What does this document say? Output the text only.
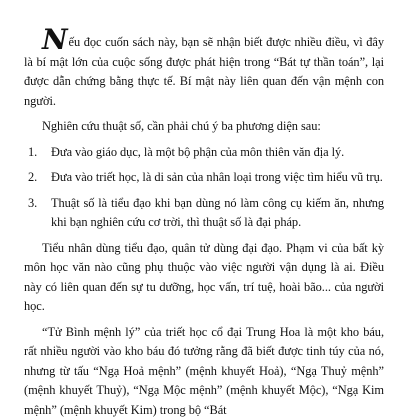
Nếu đọc cuốn sách này, bạn sẽ nhận biết được nhiều điều, vì đây là bí mật lớn của cuộc sống được phát hiện trong “Bát tự thần toán”, lại được dẫn chứng bằng thực tế. Bí mật này liên quan đến vận mệnh con người.

Nghiên cứu thuật số, cần phải chú ý ba phương diện sau:

1. Đưa vào giáo dục, là một bộ phận của môn thiên văn địa lý.
2. Đưa vào triết học, là di sản của nhân loại trong việc tìm hiểu vũ trụ.
3. Thuật số là tiểu đạo khi bạn dùng nó làm công cụ kiếm ăn, nhưng khi bạn nghiên cứu cơ trời, thì thuật số là đại pháp.

Tiểu nhân dùng tiểu đạo, quân tử dùng đại đạo. Phạm vi của bất kỳ môn học văn nào cũng phụ thuộc vào việc người vận dụng là ai. Điều này có liên quan đến sự tu dưỡng, học vấn, trí tuệ, hoài bão... của người học.

“Tử Bình mệnh lý” của triết học cổ đại Trung Hoa là một kho báu, rất nhiều người vào kho báu đó tưởng rằng đã biết được tinh túy của nó, nhưng từ tấu “Ngạ Hoả mệnh” (mệnh khuyết Hoả), “Ngạ Thuỷ mệnh” (mệnh khuyết Thuỷ), “Ngạ Mộc mệnh” (mệnh khuyết Mộc), “Ngạ Kim mệnh” (mệnh khuyết Kim) trong bộ “Bát
